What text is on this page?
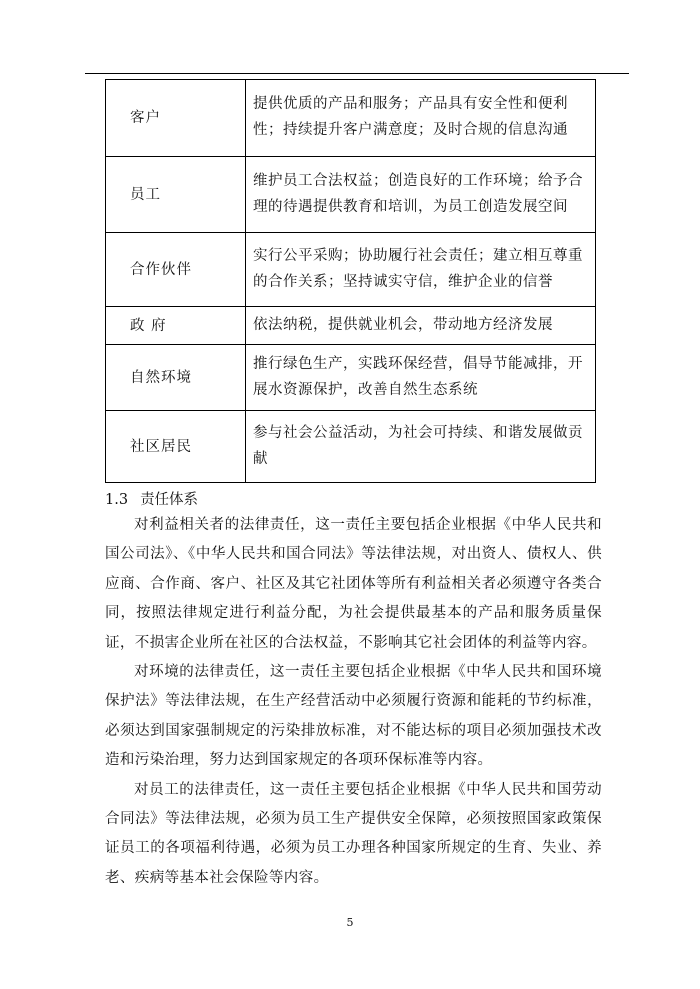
客户	提供优质的产品和服务；产品具有安全性和便利性；持续提升客户满意度；及时合规的信息沟通
员工	维护员工合法权益；创造良好的工作环境；给予合理的待遇提供教育和培训，为员工创造发展空间
合作伙伴	实行公平采购；协助履行社会责任；建立相互尊重的合作关系；坚持诚实守信，维护企业的信誉
政 府	依法纳税，提供就业机会，带动地方经济发展
自然环境	推行绿色生产，实践环保经营，倡导节能减排，开展水资源保护，改善自然生态系统
社区居民	参与社会公益活动，为社会可持续、和谐发展做贡献
1.3 责任体系

对利益相关者的法律责任，这一责任主要包括企业根据《中华人民共和国公司法》、《中华人民共和国合同法》等法律法规，对出资人、债权人、供应商、合作商、客户、社区及其它社团体等所有利益相关者必须遵守各类合同，按照法律规定进行利益分配，为社会提供最基本的产品和服务质量保证，不损害企业所在社区的合法权益，不影响其它社会团体的利益等内容。

对环境的法律责任，这一责任主要包括企业根据《中华人民共和国环境保护法》等法律法规，在生产经营活动中必须履行资源和能耗的节约标准，必须达到国家强制规定的污染排放标准，对不能达标的项目必须加强技术改造和污染治理，努力达到国家规定的各项环保标准等内容。

对员工的法律责任，这一责任主要包括企业根据《中华人民共和国劳动合同法》等法律法规，必须为员工生产提供安全保障，必须按照国家政策保证员工的各项福利待遇，必须为员工办理各种国家所规定的生育、失业、养老、疾病等基本社会保险等内容。

5
